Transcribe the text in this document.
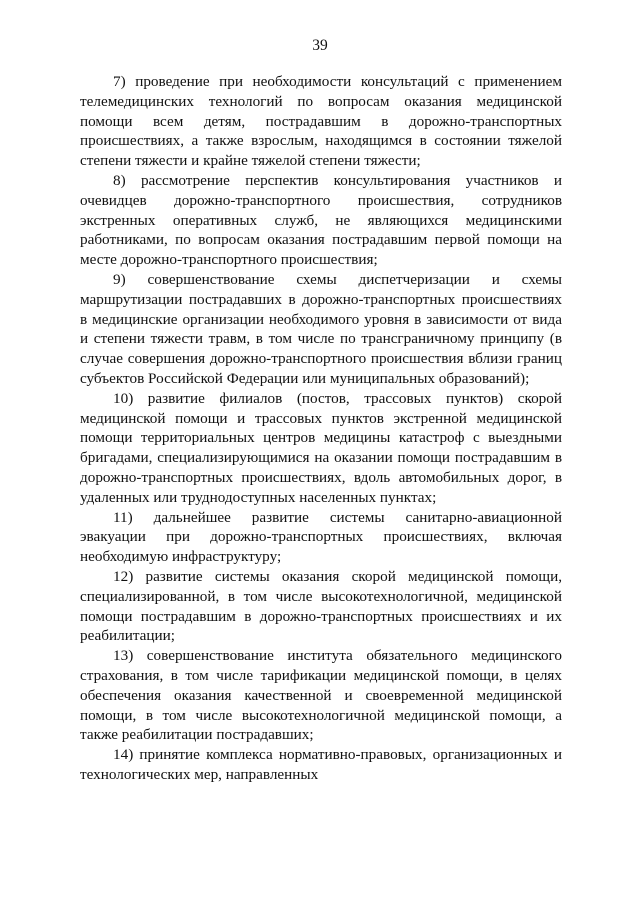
39

7) проведение при необходимости консультаций с применением телемедицинских технологий по вопросам оказания медицинской помощи всем детям, пострадавшим в дорожно-транспортных происшествиях, а также взрослым, находящимся в состоянии тяжелой степени тяжести и крайне тяжелой степени тяжести;

8) рассмотрение перспектив консультирования участников и очевидцев дорожно-транспортного происшествия, сотрудников экстренных оперативных служб, не являющихся медицинскими работниками, по вопросам оказания пострадавшим первой помощи на месте дорожно-транспортного происшествия;

9) совершенствование схемы диспетчеризации и схемы маршрутизации пострадавших в дорожно-транспортных происшествиях в медицинские организации необходимого уровня в зависимости от вида и степени тяжести травм, в том числе по трансграничному принципу (в случае совершения дорожно-транспортного происшествия вблизи границ субъектов Российской Федерации или муниципальных образований);

10) развитие филиалов (постов, трассовых пунктов) скорой медицинской помощи и трассовых пунктов экстренной медицинской помощи территориальных центров медицины катастроф с выездными бригадами, специализирующимися на оказании помощи пострадавшим в дорожно-транспортных происшествиях, вдоль автомобильных дорог, в удаленных или труднодоступных населенных пунктах;

11) дальнейшее развитие системы санитарно-авиационной эвакуации при дорожно-транспортных происшествиях, включая необходимую инфраструктуру;

12) развитие системы оказания скорой медицинской помощи, специализированной, в том числе высокотехнологичной, медицинской помощи пострадавшим в дорожно-транспортных происшествиях и их реабилитации;

13) совершенствование института обязательного медицинского страхования, в том числе тарификации медицинской помощи, в целях обеспечения оказания качественной и своевременной медицинской помощи, в том числе высокотехнологичной медицинской помощи, а также реабилитации пострадавших;

14) принятие комплекса нормативно-правовых, организационных и технологических мер, направленных
